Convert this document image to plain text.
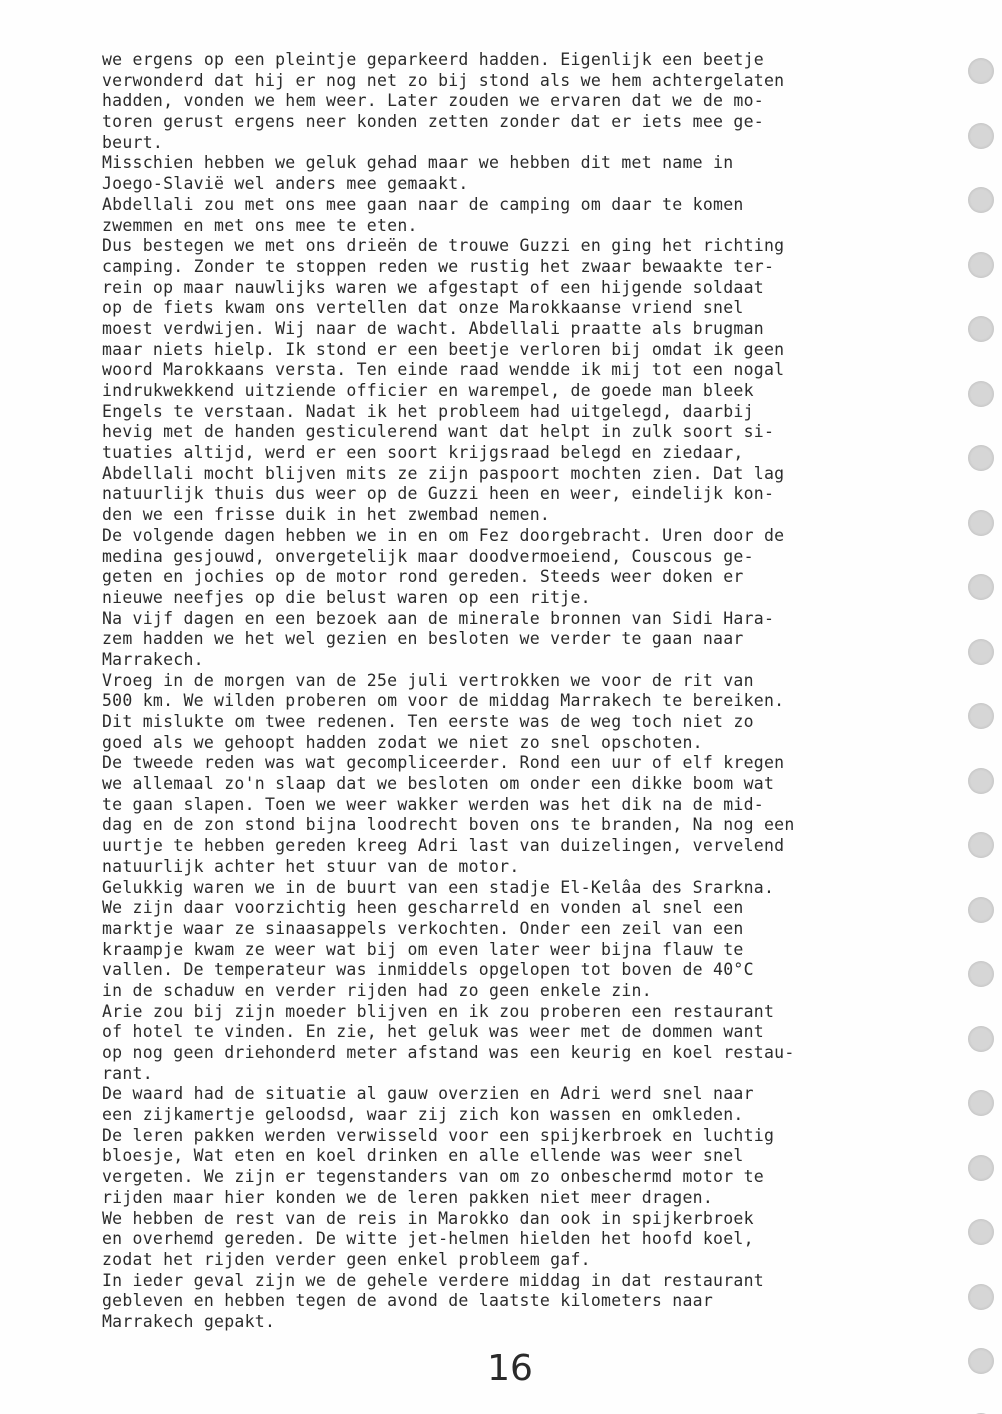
we ergens op een pleintje geparkeerd hadden. Eigenlijk een beetje
verwonderd dat hij er nog net zo bij stond als we hem achtergelaten
hadden, vonden we hem weer. Later zouden we ervaren dat we de mo-
toren gerust ergens neer konden zetten zonder dat er iets mee ge-
beurt.
Misschien hebben we geluk gehad maar we hebben dit met name in
Joego-Slavië wel anders mee gemaakt.
Abdellali zou met ons mee gaan naar de camping om daar te komen
zwemmen en met ons mee te eten.
Dus bestegen we met ons drieën de trouwe Guzzi en ging het richting
camping. Zonder te stoppen reden we rustig het zwaar bewaakte ter-
rein op maar nauwlijks waren we afgestapt of een hijgende soldaat
op de fiets kwam ons vertellen dat onze Marokkaanse vriend snel
moest verdwijen. Wij naar de wacht. Abdellali praatte als brugman
maar niets hielp. Ik stond er een beetje verloren bij omdat ik geen
woord Marokkaans versta. Ten einde raad wendde ik mij tot een nogal
indrukwekkend uitziende officier en warempel, de goede man bleek
Engels te verstaan. Nadat ik het probleem had uitgelegd, daarbij
hevig met de handen gesticulerend want dat helpt in zulk soort si-
tuaties altijd, werd er een soort krijgsraad belegd en ziedaar,
Abdellali mocht blijven mits ze zijn paspoort mochten zien. Dat lag
natuurlijk thuis dus weer op de Guzzi heen en weer, eindelijk kon-
den we een frisse duik in het zwembad nemen.
De volgende dagen hebben we in en om Fez doorgebracht. Uren door de
medina gesjouwd, onvergetelijk maar doodvermoeiend, Couscous ge-
geten en jochies op de motor rond gereden. Steeds weer doken er
nieuwe neefjes op die belust waren op een ritje.
Na vijf dagen en een bezoek aan de minerale bronnen van Sidi Hara-
zem hadden we het wel gezien en besloten we verder te gaan naar
Marrakech.
Vroeg in de morgen van de 25e juli vertrokken we voor de rit van
500 km. We wilden proberen om voor de middag Marrakech te bereiken.
Dit mislukte om twee redenen. Ten eerste was de weg toch niet zo
goed als we gehoopt hadden zodat we niet zo snel opschoten.
De tweede reden was wat gecompliceerder. Rond een uur of elf kregen
we allemaal zo'n slaap dat we besloten om onder een dikke boom wat
te gaan slapen. Toen we weer wakker werden was het dik na de mid-
dag en de zon stond bijna loodrecht boven ons te branden, Na nog een
uurtje te hebben gereden kreeg Adri last van duizelingen, vervelend
natuurlijk achter het stuur van de motor.
Gelukkig waren we in de buurt van een stadje El-Kelâa des Srarkna.
We zijn daar voorzichtig heen gescharreld en vonden al snel een
marktje waar ze sinaasappels verkochten. Onder een zeil van een
kraampje kwam ze weer wat bij om even later weer bijna flauw te
vallen. De temperateur was inmiddels opgelopen tot boven de 40°C
in de schaduw en verder rijden had zo geen enkele zin.
Arie zou bij zijn moeder blijven en ik zou proberen een restaurant
of hotel te vinden. En zie, het geluk was weer met de dommen want
op nog geen driehonderd meter afstand was een keurig en koel restau-
rant.
De waard had de situatie al gauw overzien en Adri werd snel naar
een zijkamertje geloodsd, waar zij zich kon wassen en omkleden.
De leren pakken werden verwisseld voor een spijkerbroek en luchtig
bloesje, Wat eten en koel drinken en alle ellende was weer snel
vergeten. We zijn er tegenstanders van om zo onbeschermd motor te
rijden maar hier konden we de leren pakken niet meer dragen.
We hebben de rest van de reis in Marokko dan ook in spijkerbroek
en overhemd gereden. De witte jet-helmen hielden het hoofd koel,
zodat het rijden verder geen enkel probleem gaf.
In ieder geval zijn we de gehele verdere middag in dat restaurant
gebleven en hebben tegen de avond de laatste kilometers naar
Marrakech gepakt.
16
